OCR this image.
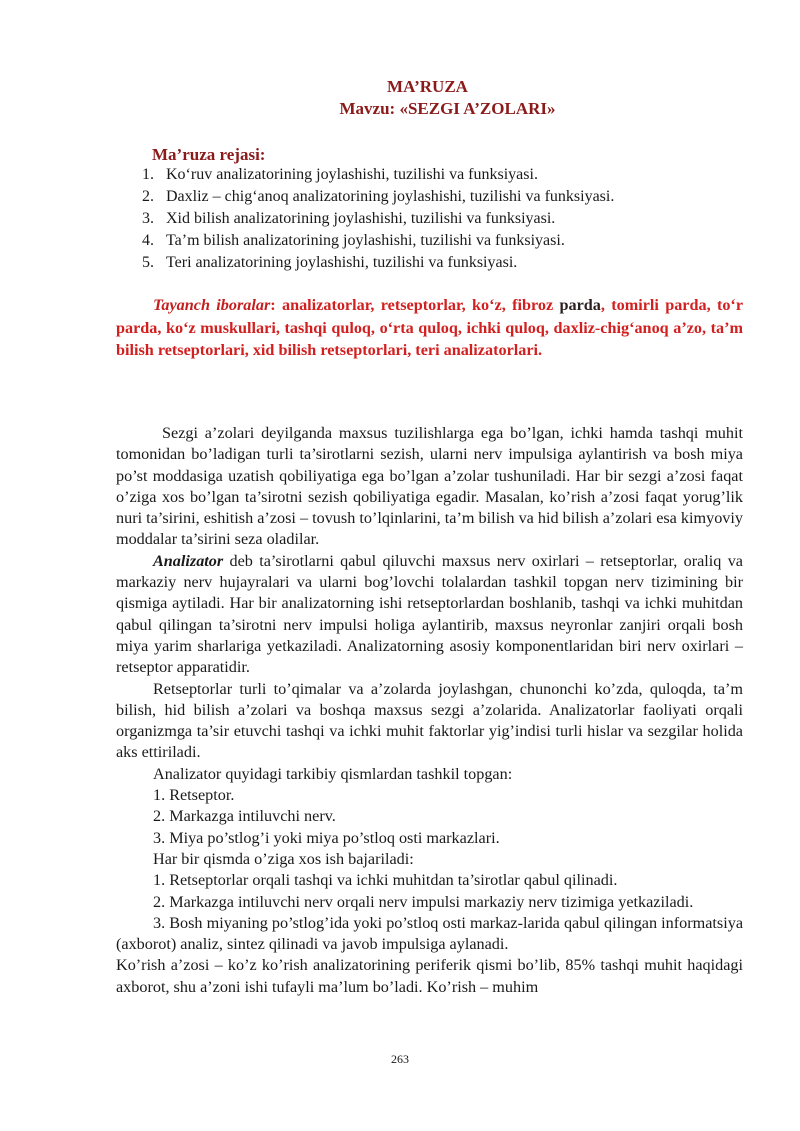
MA’RUZA
Mavzu: «SEZGI A’ZOLARI»
Ma’ruza rejasi:
1. Ko‘ruv analizatorining joylashishi, tuzilishi va funksiyasi.
2. Daxliz – chig‘anoq analizatorining joylashishi, tuzilishi va funksiyasi.
3. Xid bilish analizatorining joylashishi, tuzilishi va funksiyasi.
4. Ta’m bilish analizatorining joylashishi, tuzilishi va funksiyasi.
5. Teri analizatorining joylashishi, tuzilishi va funksiyasi.
Tayanch iboralar: analizatorlar, retseptorlar, ko‘z, fibroz parda, tomirli parda, to‘r parda, ko‘z muskullari, tashqi quloq, o‘rta quloq, ichki quloq, daxliz-chig‘anoq a’zo, ta’m bilish retseptorlari, xid bilish retseptorlari, teri analizatorlari.

Sezgi a’zolari deyilganda maxsus tuzilishlarga ega bo’lgan, ichki hamda tashqi muhit tomonidan bo’ladigan turli ta’sirotlarni sezish, ularni nerv impulsiga aylantirish va bosh miya po’st moddasiga uzatish qobiliyatiga ega bo’lgan a’zolar tushuniladi. Har bir sezgi a’zosi faqat o’ziga xos bo’lgan ta’sirotni sezish qobiliyatiga egadir. Masalan, ko’rish a’zosi faqat yorug’lik nuri ta’sirini, eshitish a’zosi – tovush to’lqinlarini, ta’m bilish va hid bilish a’zolari esa kimyoviy moddalar ta’sirini seza oladilar.

Analizator deb ta’sirotlarni qabul qiluvchi maxsus nerv oxirlari – retseptorlar, oraliq va markaziy nerv hujayralari va ularni bog’lovchi tolalardan tashkil topgan nerv tizimining bir qismiga aytiladi. Har bir analizatorning ishi retseptorlardan boshlanib, tashqi va ichki muhitdan qabul qilingan ta’sirotni nerv impulsi holiga aylantirib, maxsus neyronlar zanjiri orqali bosh miya yarim sharlariga yetkaziladi. Analizatorning asosiy komponentlaridan biri nerv oxirlari – retseptor apparatidir.

Retseptorlar turli to’qimalar va a’zolarda joylashgan, chunonchi ko’zda, quloqda, ta’m bilish, hid bilish a’zolari va boshqa maxsus sezgi a’zolarida. Analizatorlar faoliyati orqali organizmga ta’sir etuvchi tashqi va ichki muhit faktorlar yig’indisi turli hislar va sezgilar holida aks ettiriladi.

Analizator quyidagi tarkibiy qismlardan tashkil topgan:

1. Retseptor.

2. Markazga intiluvchi nerv.

3. Miya po’stlog’i yoki miya po’stloq osti markazlari.

Har bir qismda o’ziga xos ish bajariladi:

1. Retseptorlar orqali tashqi va ichki muhitdan ta’sirotlar qabul qilinadi.

2. Markazga intiluvchi nerv orqali nerv impulsi markaziy nerv tizimiga yetkaziladi.

3. Bosh miyaning po’stlog’ida yoki po’stloq osti markaz-larida qabul qilingan informatsiya (axborot) analiz, sintez qilinadi va javob impulsiga aylanadi.

Ko’rish a’zosi – ko’z ko’rish analizatorining periferik qismi bo’lib, 85% tashqi muhit haqidagi axborot, shu a’zoni ishi tufayli ma’lum bo’ladi. Ko’rish – muhim

263
